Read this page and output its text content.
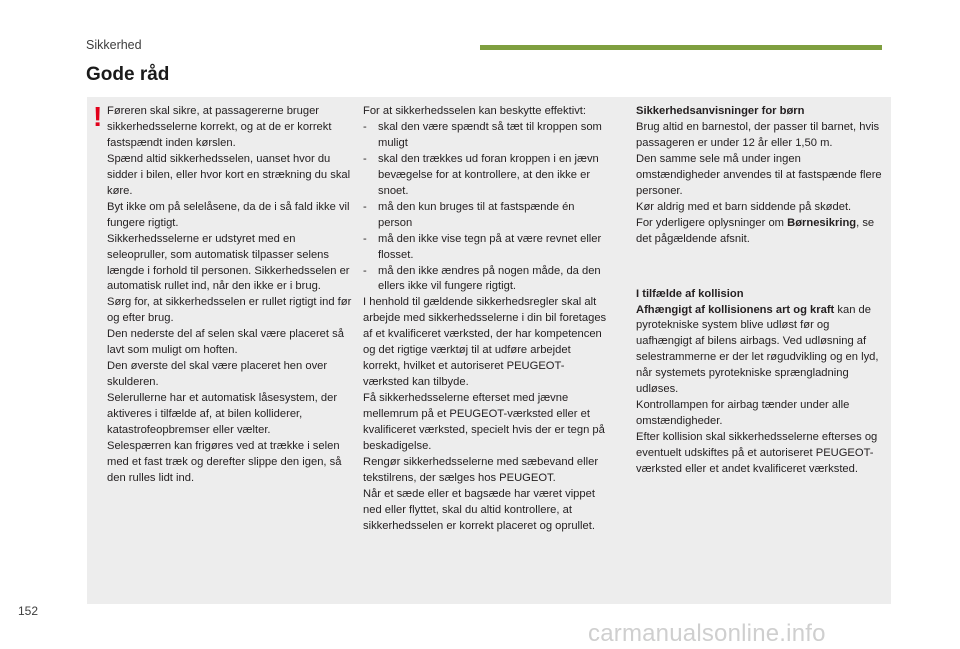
Sikkerhed
Gode råd
! Føreren skal sikre, at passagererne bruger sikkerhedsselerne korrekt, og at de er korrekt fastspændt inden kørslen.

Spænd altid sikkerhedsselen, uanset hvor du sidder i bilen, eller hvor kort en strækning du skal køre.

Byt ikke om på selelåsene, da de i så fald ikke vil fungere rigtigt.

Sikkerhedsselerne er udstyret med en seleopruller, som automatisk tilpasser selens længde i forhold til personen. Sikkerhedsselen er automatisk rullet ind, når den ikke er i brug.

Sørg for, at sikkerhedsselen er rullet rigtigt ind før og efter brug.

Den nederste del af selen skal være placeret så lavt som muligt om hoften.

Den øverste del skal være placeret hen over skulderen.

Selerullerne har et automatisk låsesystem, der aktiveres i tilfælde af, at bilen kolliderer, katastrofeopbremser eller vælter.

Selespærren kan frigøres ved at trække i selen med et fast træk og derefter slippe den igen, så den rulles lidt ind.

For at sikkerhedsselen kan beskytte effektivt:

- skal den være spændt så tæt til kroppen som muligt
- skal den trækkes ud foran kroppen i en jævn bevægelse for at kontrollere, at den ikke er snoet.
- må den kun bruges til at fastspænde én person
- må den ikke vise tegn på at være revnet eller flosset.
- må den ikke ændres på nogen måde, da den ellers ikke vil fungere rigtigt.

I henhold til gældende sikkerhedsregler skal alt arbejde med sikkerhedsselerne i din bil foretages af et kvalificeret værksted, der har kompetencen og det rigtige værktøj til at udføre arbejdet korrekt, hvilket et autoriseret PEUGEOT-værksted kan tilbyde.

Få sikkerhedsselerne efterset med jævne mellemrum på et PEUGEOT-værksted eller et kvalificeret værksted, specielt hvis der er tegn på beskadigelse.

Rengør sikkerhedsselerne med sæbevand eller tekstilrens, der sælges hos PEUGEOT.

Når et sæde eller et bagsæde har været vippet ned eller flyttet, skal du altid kontrollere, at sikkerhedsselen er korrekt placeret og oprullet.

Sikkerhedsanvisninger for børn

Brug altid en barnestol, der passer til barnet, hvis passageren er under 12 år eller 1,50 m.

Den samme sele må under ingen omstændigheder anvendes til at fastspænde flere personer.

Kør aldrig med et barn siddende på skødet.

For yderligere oplysninger om Børnesikring, se det pågældende afsnit.

I tilfælde af kollision

Afhængigt af kollisionens art og kraft kan de pyrotekniske system blive udløst før og uafhængigt af bilens airbags. Ved udløsning af selestrammerne er der let røgudvikling og en lyd, når systemets pyrotekniske sprængladning udløses.

Kontrollampen for airbag tænder under alle omstændigheder.

Efter kollision skal sikkerhedsselerne efterses og eventuelt udskiftes på et autoriseret PEUGEOT-værksted eller et andet kvalificeret værksted.

152
carmanualsonline.info
